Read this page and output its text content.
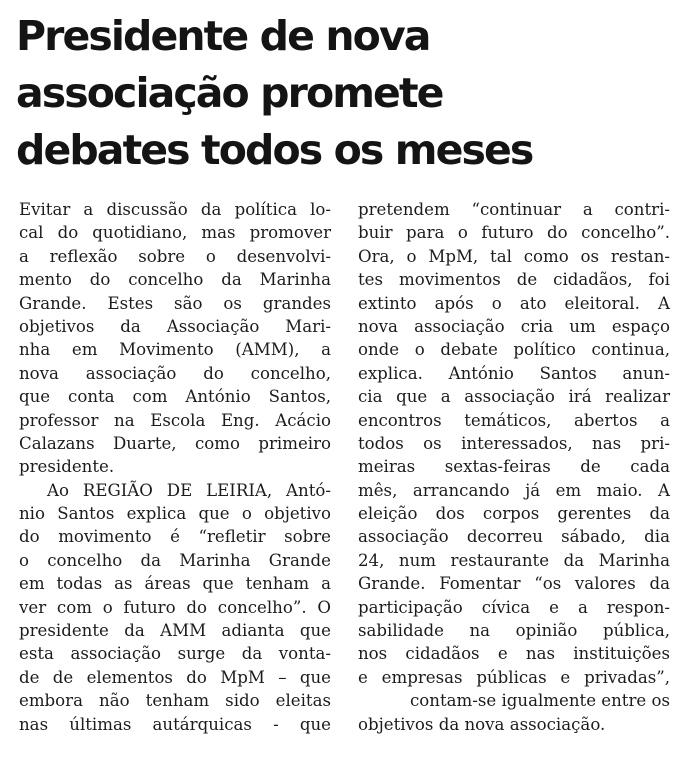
Presidente de nova
associação promete
debates todos os meses
Evitar a discussão da política lo-
cal do quotidiano, mas promover
a reflexão sobre o desenvolvi-
mento do concelho da Marinha
Grande. Estes são os grandes
objetivos da Associação Mari-
nha em Movimento (AMM), a
nova associação do concelho,
que conta com António Santos,
professor na Escola Eng. Acácio
Calazans Duarte, como primeiro
presidente.
Ao REGIÃO DE LEIRIA, Antó-
nio Santos explica que o objetivo
do movimento é “refletir sobre
o concelho da Marinha Grande
em todas as áreas que tenham a
ver com o futuro do concelho”. O
presidente da AMM adianta que
esta associação surge da vonta-
de de elementos do MpM – que
embora não tenham sido eleitas
nas últimas autárquicas - que
pretendem “continuar a contri-
buir para o futuro do concelho”.
Ora, o MpM, tal como os restan-
tes movimentos de cidadãos, foi
extinto após o ato eleitoral. A
nova associação cria um espaço
onde o debate político continua,
explica. António Santos anun-
cia que a associação irá realizar
encontros temáticos, abertos a
todos os interessados, nas pri-
meiras sextas-feiras de cada
mês, arrancando já em maio. A
eleição dos corpos gerentes da
associação decorreu sábado, dia
24, num restaurante da Marinha
Grande. Fomentar “os valores da
participação cívica e a respon-
sabilidade na opinião pública,
nos cidadãos e nas instituições
e empresas públicas e privadas”,
contam-se igualmente entre os
objetivos da nova associação.
